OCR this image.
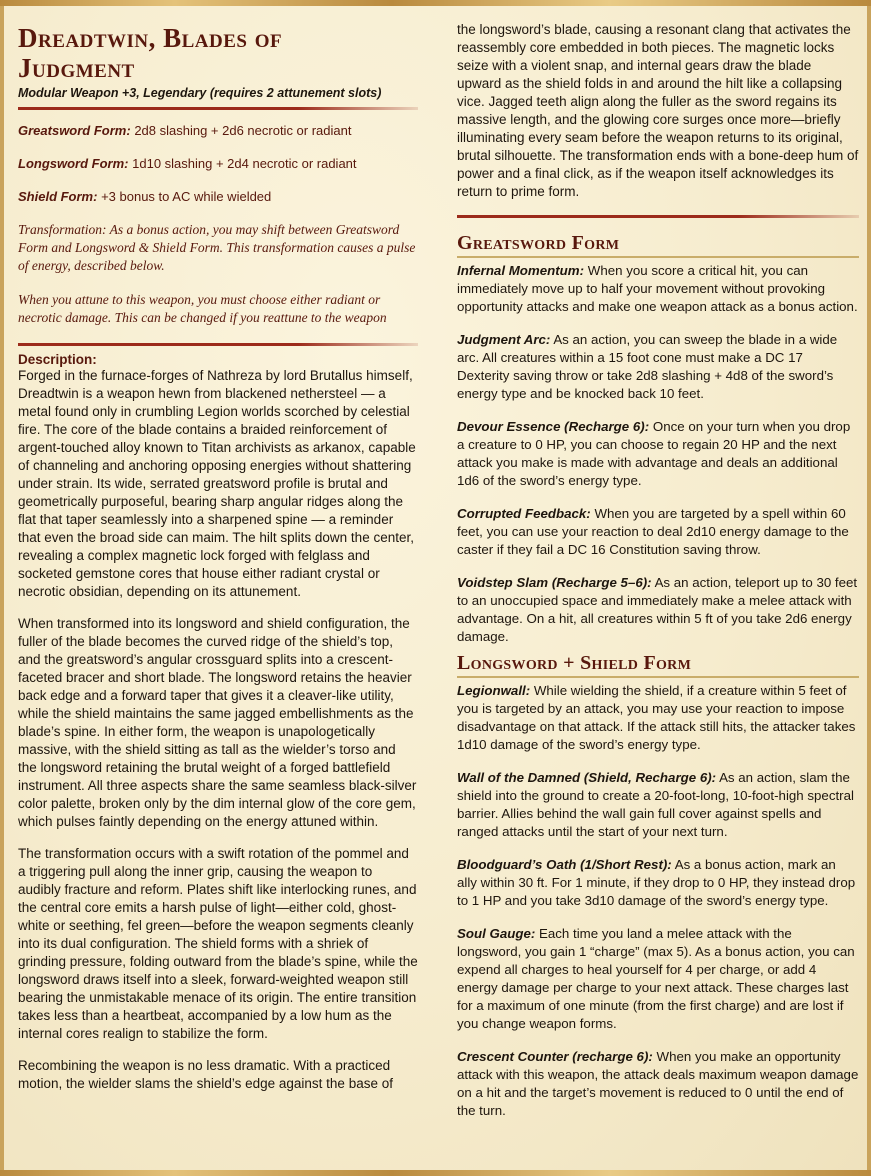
Dreadtwin, Blades of
Judgment

Modular Weapon +3, Legendary (requires 2 attunement slots)

Greatsword Form: 2d8 slashing + 2d6 necrotic or radiant

Longsword Form: 1d10 slashing + 2d4 necrotic or radiant

Shield Form: +3 bonus to AC while wielded

Transformation: As a bonus action, you may shift between Greatsword Form and Longsword & Shield Form. This transformation causes a pulse of energy, described below.

When you attune to this weapon, you must choose either radiant or necrotic damage. This can be changed if you reattune to the weapon

Description:

Forged in the furnace-forges of Nathreza by lord Brutallus himself, Dreadtwin is a weapon hewn from blackened nethersteel — a metal found only in crumbling Legion worlds scorched by celestial fire. The core of the blade contains a braided reinforcement of argent-touched alloy known to Titan archivists as arkanox, capable of channeling and anchoring opposing energies without shattering under strain. Its wide, serrated greatsword profile is brutal and geometrically purposeful, bearing sharp angular ridges along the flat that taper seamlessly into a sharpened spine — a reminder that even the broad side can maim. The hilt splits down the center, revealing a complex magnetic lock forged with felglass and socketed gemstone cores that house either radiant crystal or necrotic obsidian, depending on its attunement.

When transformed into its longsword and shield configuration, the fuller of the blade becomes the curved ridge of the shield’s top, and the greatsword’s angular crossguard splits into a crescent-faceted bracer and short blade. The longsword retains the heavier back edge and a forward taper that gives it a cleaver-like utility, while the shield maintains the same jagged embellishments as the blade’s spine. In either form, the weapon is unapologetically massive, with the shield sitting as tall as the wielder’s torso and the longsword retaining the brutal weight of a forged battlefield instrument. All three aspects share the same seamless black-silver color palette, broken only by the dim internal glow of the core gem, which pulses faintly depending on the energy attuned within.

The transformation occurs with a swift rotation of the pommel and a triggering pull along the inner grip, causing the weapon to audibly fracture and reform. Plates shift like interlocking runes, and the central core emits a harsh pulse of light—either cold, ghost-white or seething, fel green—before the weapon segments cleanly into its dual configuration. The shield forms with a shriek of grinding pressure, folding outward from the blade’s spine, while the longsword draws itself into a sleek, forward-weighted weapon still bearing the unmistakable menace of its origin. The entire transition takes less than a heartbeat, accompanied by a low hum as the internal cores realign to stabilize the form.

Recombining the weapon is no less dramatic. With a practiced motion, the wielder slams the shield’s edge against the base of

the longsword’s blade, causing a resonant clang that activates the reassembly core embedded in both pieces. The magnetic locks seize with a violent snap, and internal gears draw the blade upward as the shield folds in and around the hilt like a collapsing vice. Jagged teeth align along the fuller as the sword regains its massive length, and the glowing core surges once more—briefly illuminating every seam before the weapon returns to its original, brutal silhouette. The transformation ends with a bone-deep hum of power and a final click, as if the weapon itself acknowledges its return to prime form.

Greatsword Form

Infernal Momentum: When you score a critical hit, you can immediately move up to half your movement without provoking opportunity attacks and make one weapon attack as a bonus action.

Judgment Arc: As an action, you can sweep the blade in a wide arc. All creatures within a 15 foot cone must make a DC 17 Dexterity saving throw or take 2d8 slashing + 4d8 of the sword’s energy type and be knocked back 10 feet.

Devour Essence (Recharge 6): Once on your turn when you drop a creature to 0 HP, you can choose to regain 20 HP and the next attack you make is made with advantage and deals an additional 1d6 of the sword’s energy type.

Corrupted Feedback: When you are targeted by a spell within 60 feet, you can use your reaction to deal 2d10 energy damage to the caster if they fail a DC 16 Constitution saving throw.

Voidstep Slam (Recharge 5–6): As an action, teleport up to 30 feet to an unoccupied space and immediately make a melee attack with advantage. On a hit, all creatures within 5 ft of you take 2d6 energy damage.

Longsword + Shield Form

Legionwall: While wielding the shield, if a creature within 5 feet of you is targeted by an attack, you may use your reaction to impose disadvantage on that attack. If the attack still hits, the attacker takes 1d10 damage of the sword’s energy type.

Wall of the Damned (Shield, Recharge 6): As an action, slam the shield into the ground to create a 20-foot-long, 10-foot-high spectral barrier. Allies behind the wall gain full cover against spells and ranged attacks until the start of your next turn.

Bloodguard’s Oath (1/Short Rest): As a bonus action, mark an ally within 30 ft. For 1 minute, if they drop to 0 HP, they instead drop to 1 HP and you take 3d10 damage of the sword’s energy type.

Soul Gauge: Each time you land a melee attack with the longsword, you gain 1 “charge” (max 5). As a bonus action, you can expend all charges to heal yourself for 4 per charge, or add 4 energy damage per charge to your next attack. These charges last for a maximum of one minute (from the first charge) and are lost if you change weapon forms.

Crescent Counter (recharge 6): When you make an opportunity attack with this weapon, the attack deals maximum weapon damage on a hit and the target’s movement is reduced to 0 until the end of the turn.
